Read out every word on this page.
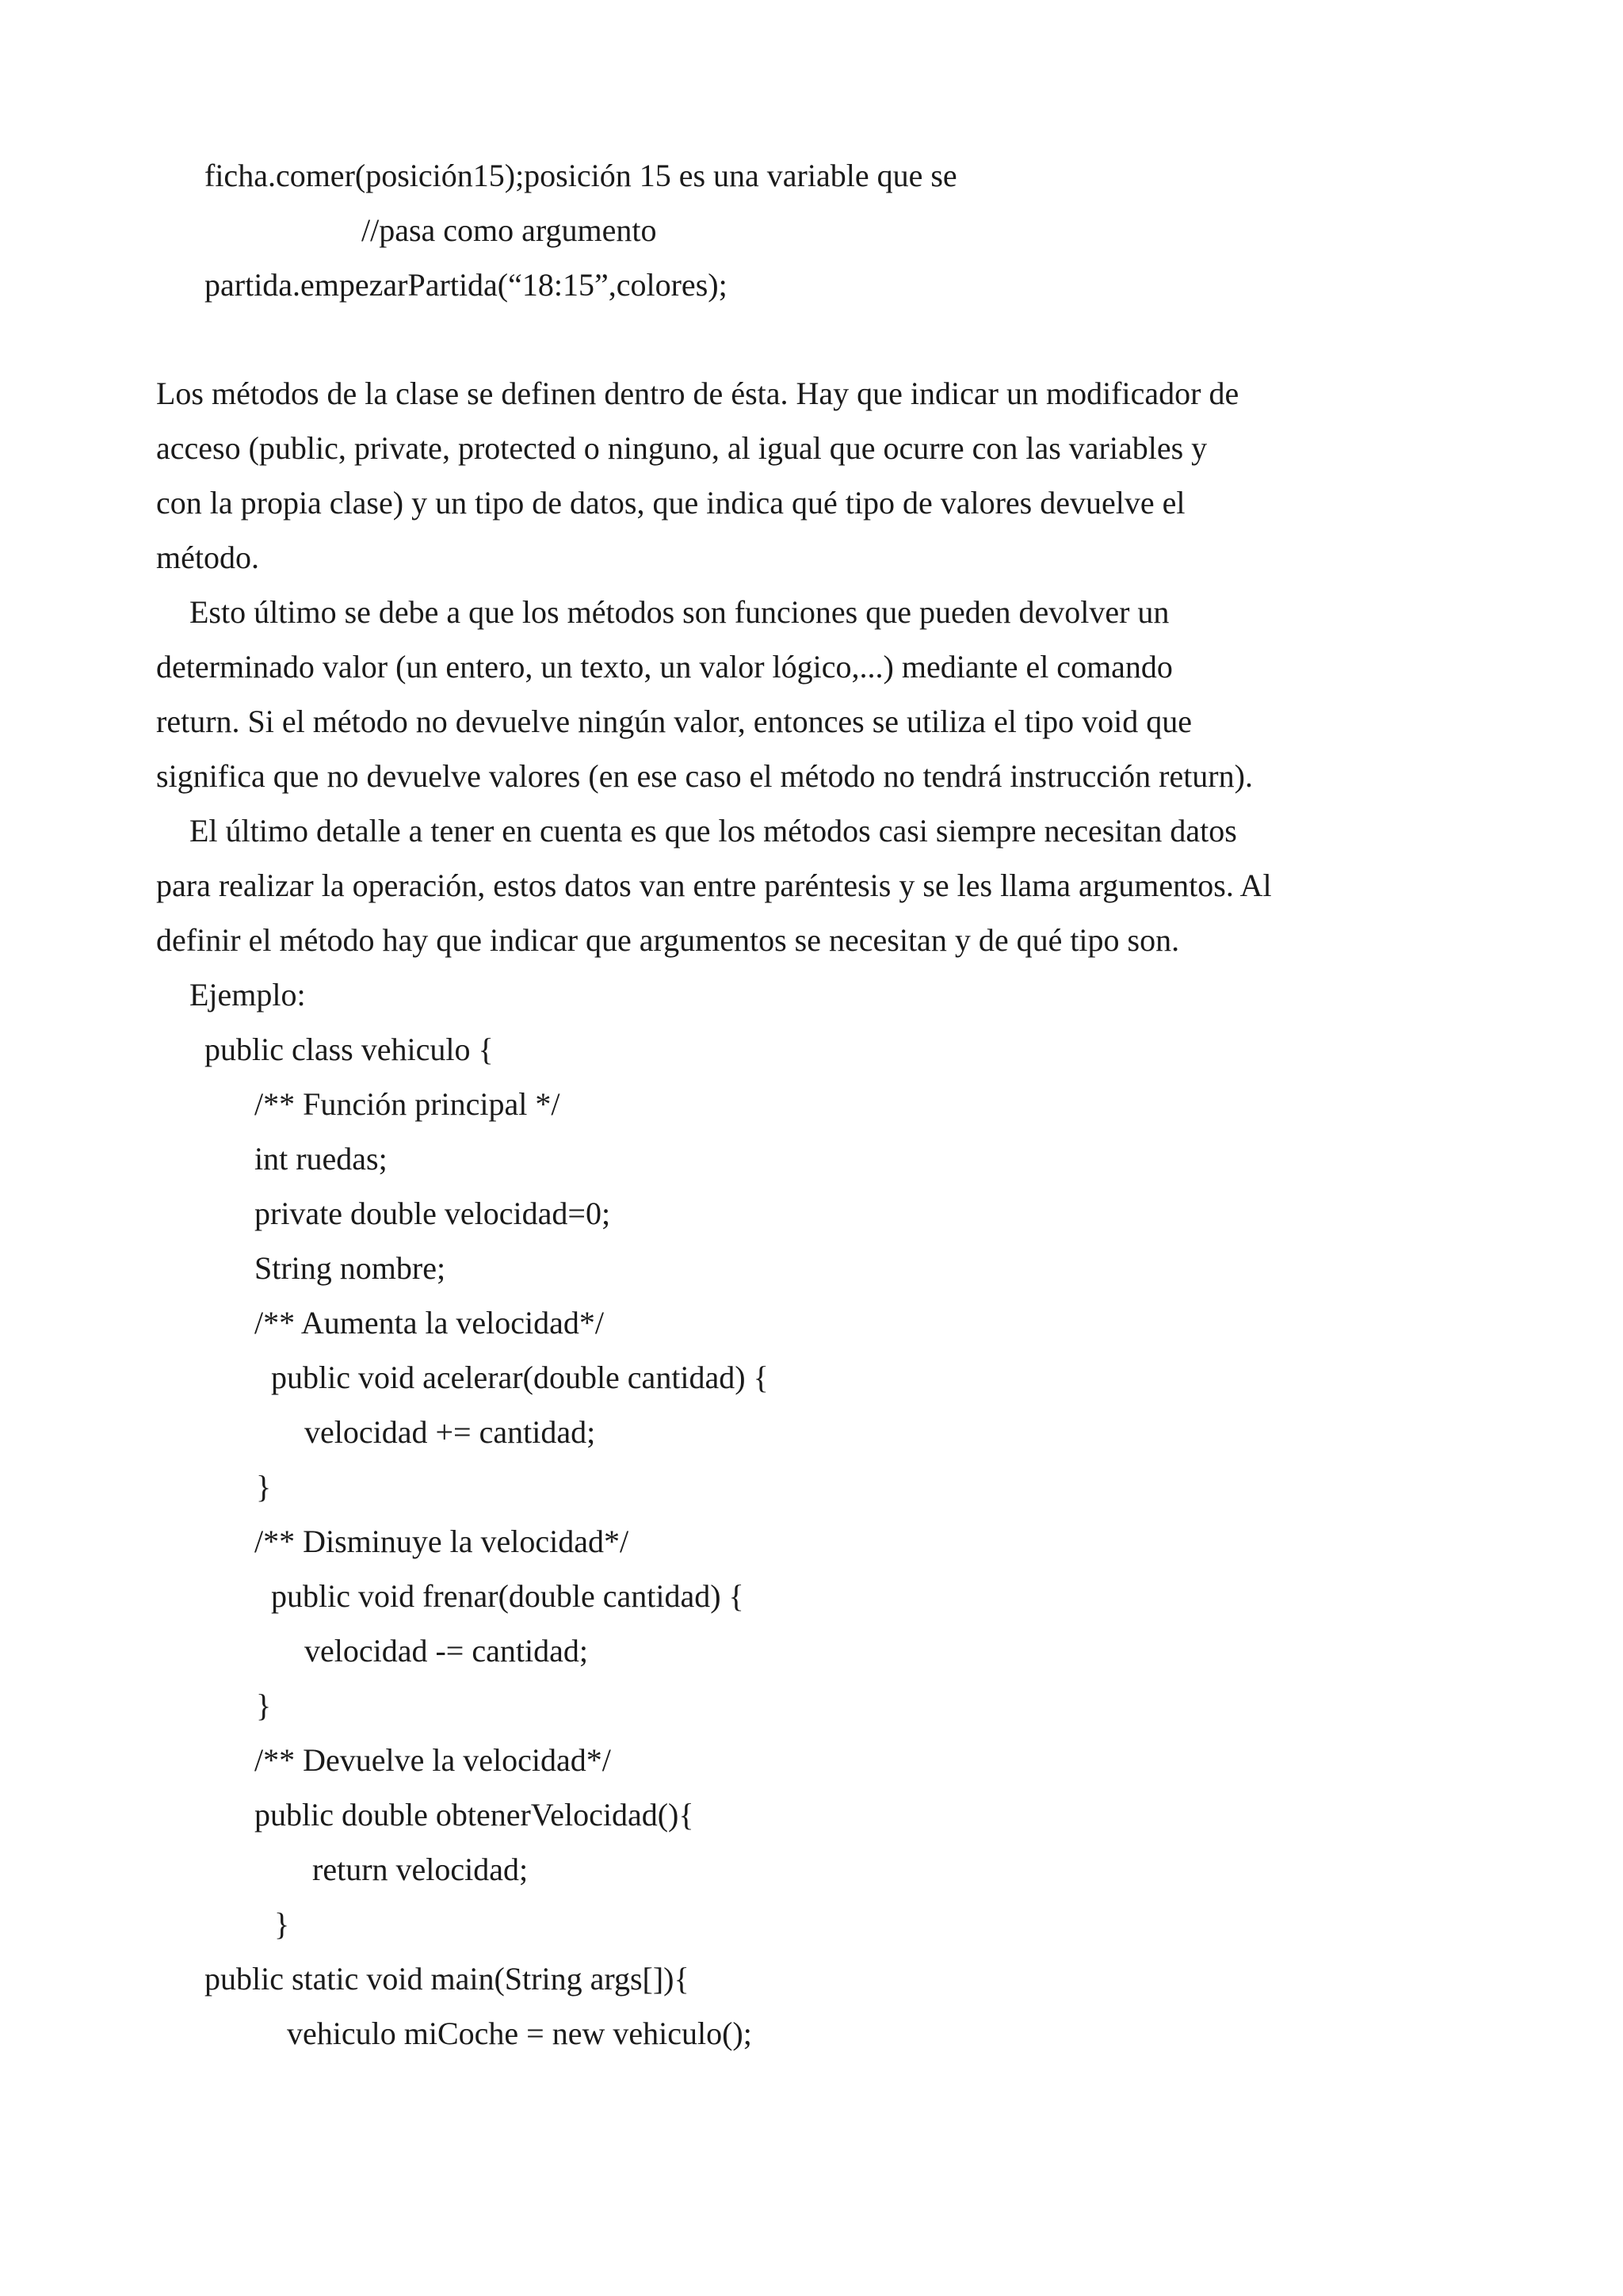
ficha.comer(posición15);posición 15 es una variable que se
//pasa como argumento
partida.empezarPartida(“18:15”,colores);
Los métodos de la clase se definen dentro de ésta. Hay que indicar un modificador de
acceso (public, private, protected o ninguno, al igual que ocurre con las variables y
con la propia clase) y un tipo de datos, que indica qué tipo de valores devuelve el
método.
Esto último se debe a que los métodos son funciones que pueden devolver un
determinado valor (un entero, un texto, un valor lógico,...) mediante el comando
return. Si el método no devuelve ningún valor, entonces se utiliza el tipo void que
significa que no devuelve valores (en ese caso el método no tendrá instrucción return).
El último detalle a tener en cuenta es que los métodos casi siempre necesitan datos
para realizar la operación, estos datos van entre paréntesis y se les llama argumentos. Al
definir el método hay que indicar que argumentos se necesitan y de qué tipo son.
Ejemplo:
public class vehiculo {
/** Función principal */
int ruedas;
private double velocidad=0;
String nombre;
/** Aumenta la velocidad*/
public void acelerar(double cantidad) {
velocidad += cantidad;
}
/** Disminuye la velocidad*/
public void frenar(double cantidad) {
velocidad -= cantidad;
}
/** Devuelve la velocidad*/
public double obtenerVelocidad(){
return velocidad;
}
public static void main(String args[]){
vehiculo miCoche = new vehiculo();
